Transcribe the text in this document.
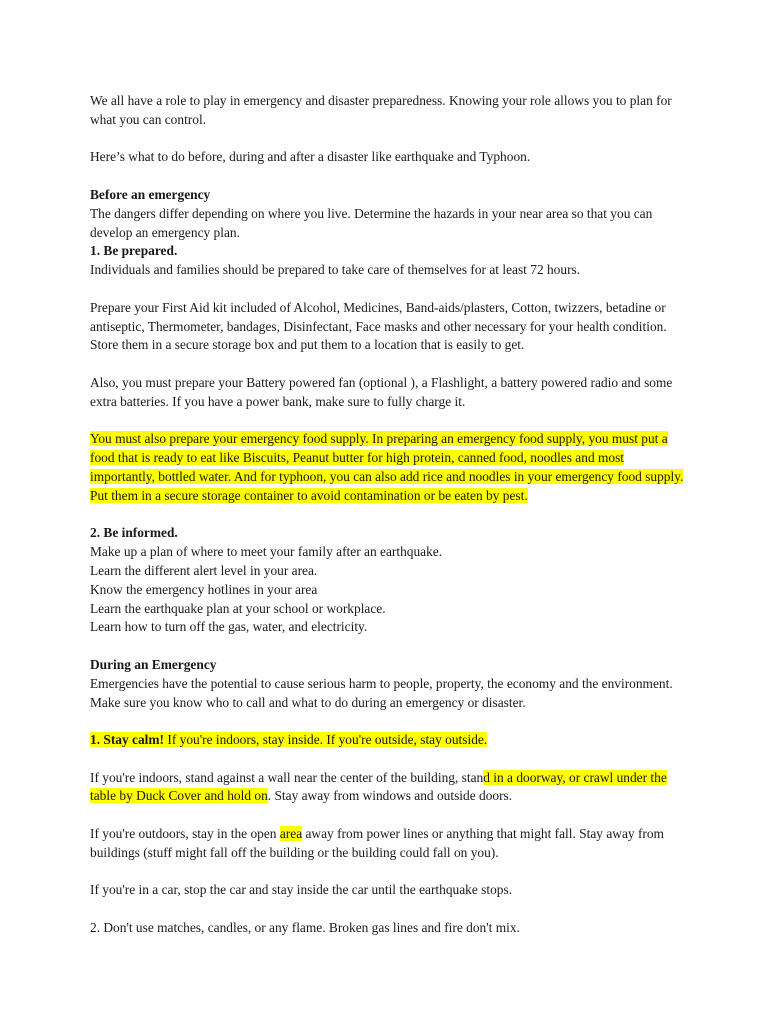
We all have a role to play in emergency and disaster preparedness. Knowing your role allows you to plan for what you can control.

Here’s what to do before, during and after a disaster like earthquake and Typhoon.

Before an emergency

The dangers differ depending on where you live. Determine the hazards in your near area so that you can develop an emergency plan.

1. Be prepared.

Individuals and families should be prepared to take care of themselves for at least 72 hours.

Prepare your First Aid kit included of Alcohol, Medicines, Band-aids/plasters, Cotton, twizzers, betadine or antiseptic, Thermometer, bandages, Disinfectant, Face masks and other necessary for your health condition. Store them in a secure storage box and put them to a location that is easily to get.

Also, you must prepare your Battery powered fan (optional ), a Flashlight, a battery powered radio and some extra batteries. If you have a power bank, make sure to fully charge it.

You must also prepare your emergency food supply. In preparing an emergency food supply, you must put a food that is ready to eat like Biscuits, Peanut butter for high protein, canned food, noodles and most importantly, bottled water. And for typhoon, you can also add rice and noodles in your emergency food supply. Put them in a secure storage container to avoid contamination or be eaten by pest.

2. Be informed.

Make up a plan of where to meet your family after an earthquake.

Learn the different alert level in your area.

Know the emergency hotlines in your area

Learn the earthquake plan at your school or workplace.

Learn how to turn off the gas, water, and electricity.

During an Emergency

Emergencies have the potential to cause serious harm to people, property, the economy and the environment. Make sure you know who to call and what to do during an emergency or disaster.

1. Stay calm! If you're indoors, stay inside. If you're outside, stay outside.

If you're indoors, stand against a wall near the center of the building, stand in a doorway, or crawl under the table by Duck Cover and hold on. Stay away from windows and outside doors.

If you're outdoors, stay in the open area away from power lines or anything that might fall. Stay away from buildings (stuff might fall off the building or the building could fall on you).

If you're in a car, stop the car and stay inside the car until the earthquake stops.

2. Don't use matches, candles, or any flame. Broken gas lines and fire don't mix.
